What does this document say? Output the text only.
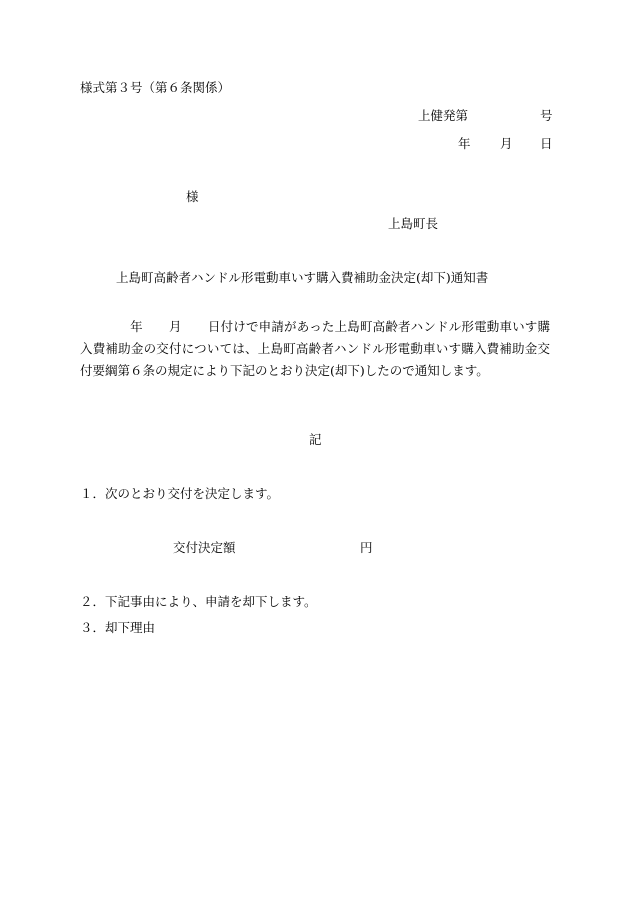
様式第３号（第６条関係）
上健発第	号
年 月 日
様
上島町長
上島町高齢者ハンドル形電動車いす購入費補助金決定(却下)通知書
年 月 日付けで申請があった上島町高齢者ハンドル形電動車いす購入費補助金の交付については、上島町高齢者ハンドル形電動車いす購入費補助金交付要綱第６条の規定により下記のとおり決定(却下)したので通知します。
記
１．次のとおり交付を決定します。
交付決定額	円
２．下記事由により、申請を却下します。
３．却下理由
